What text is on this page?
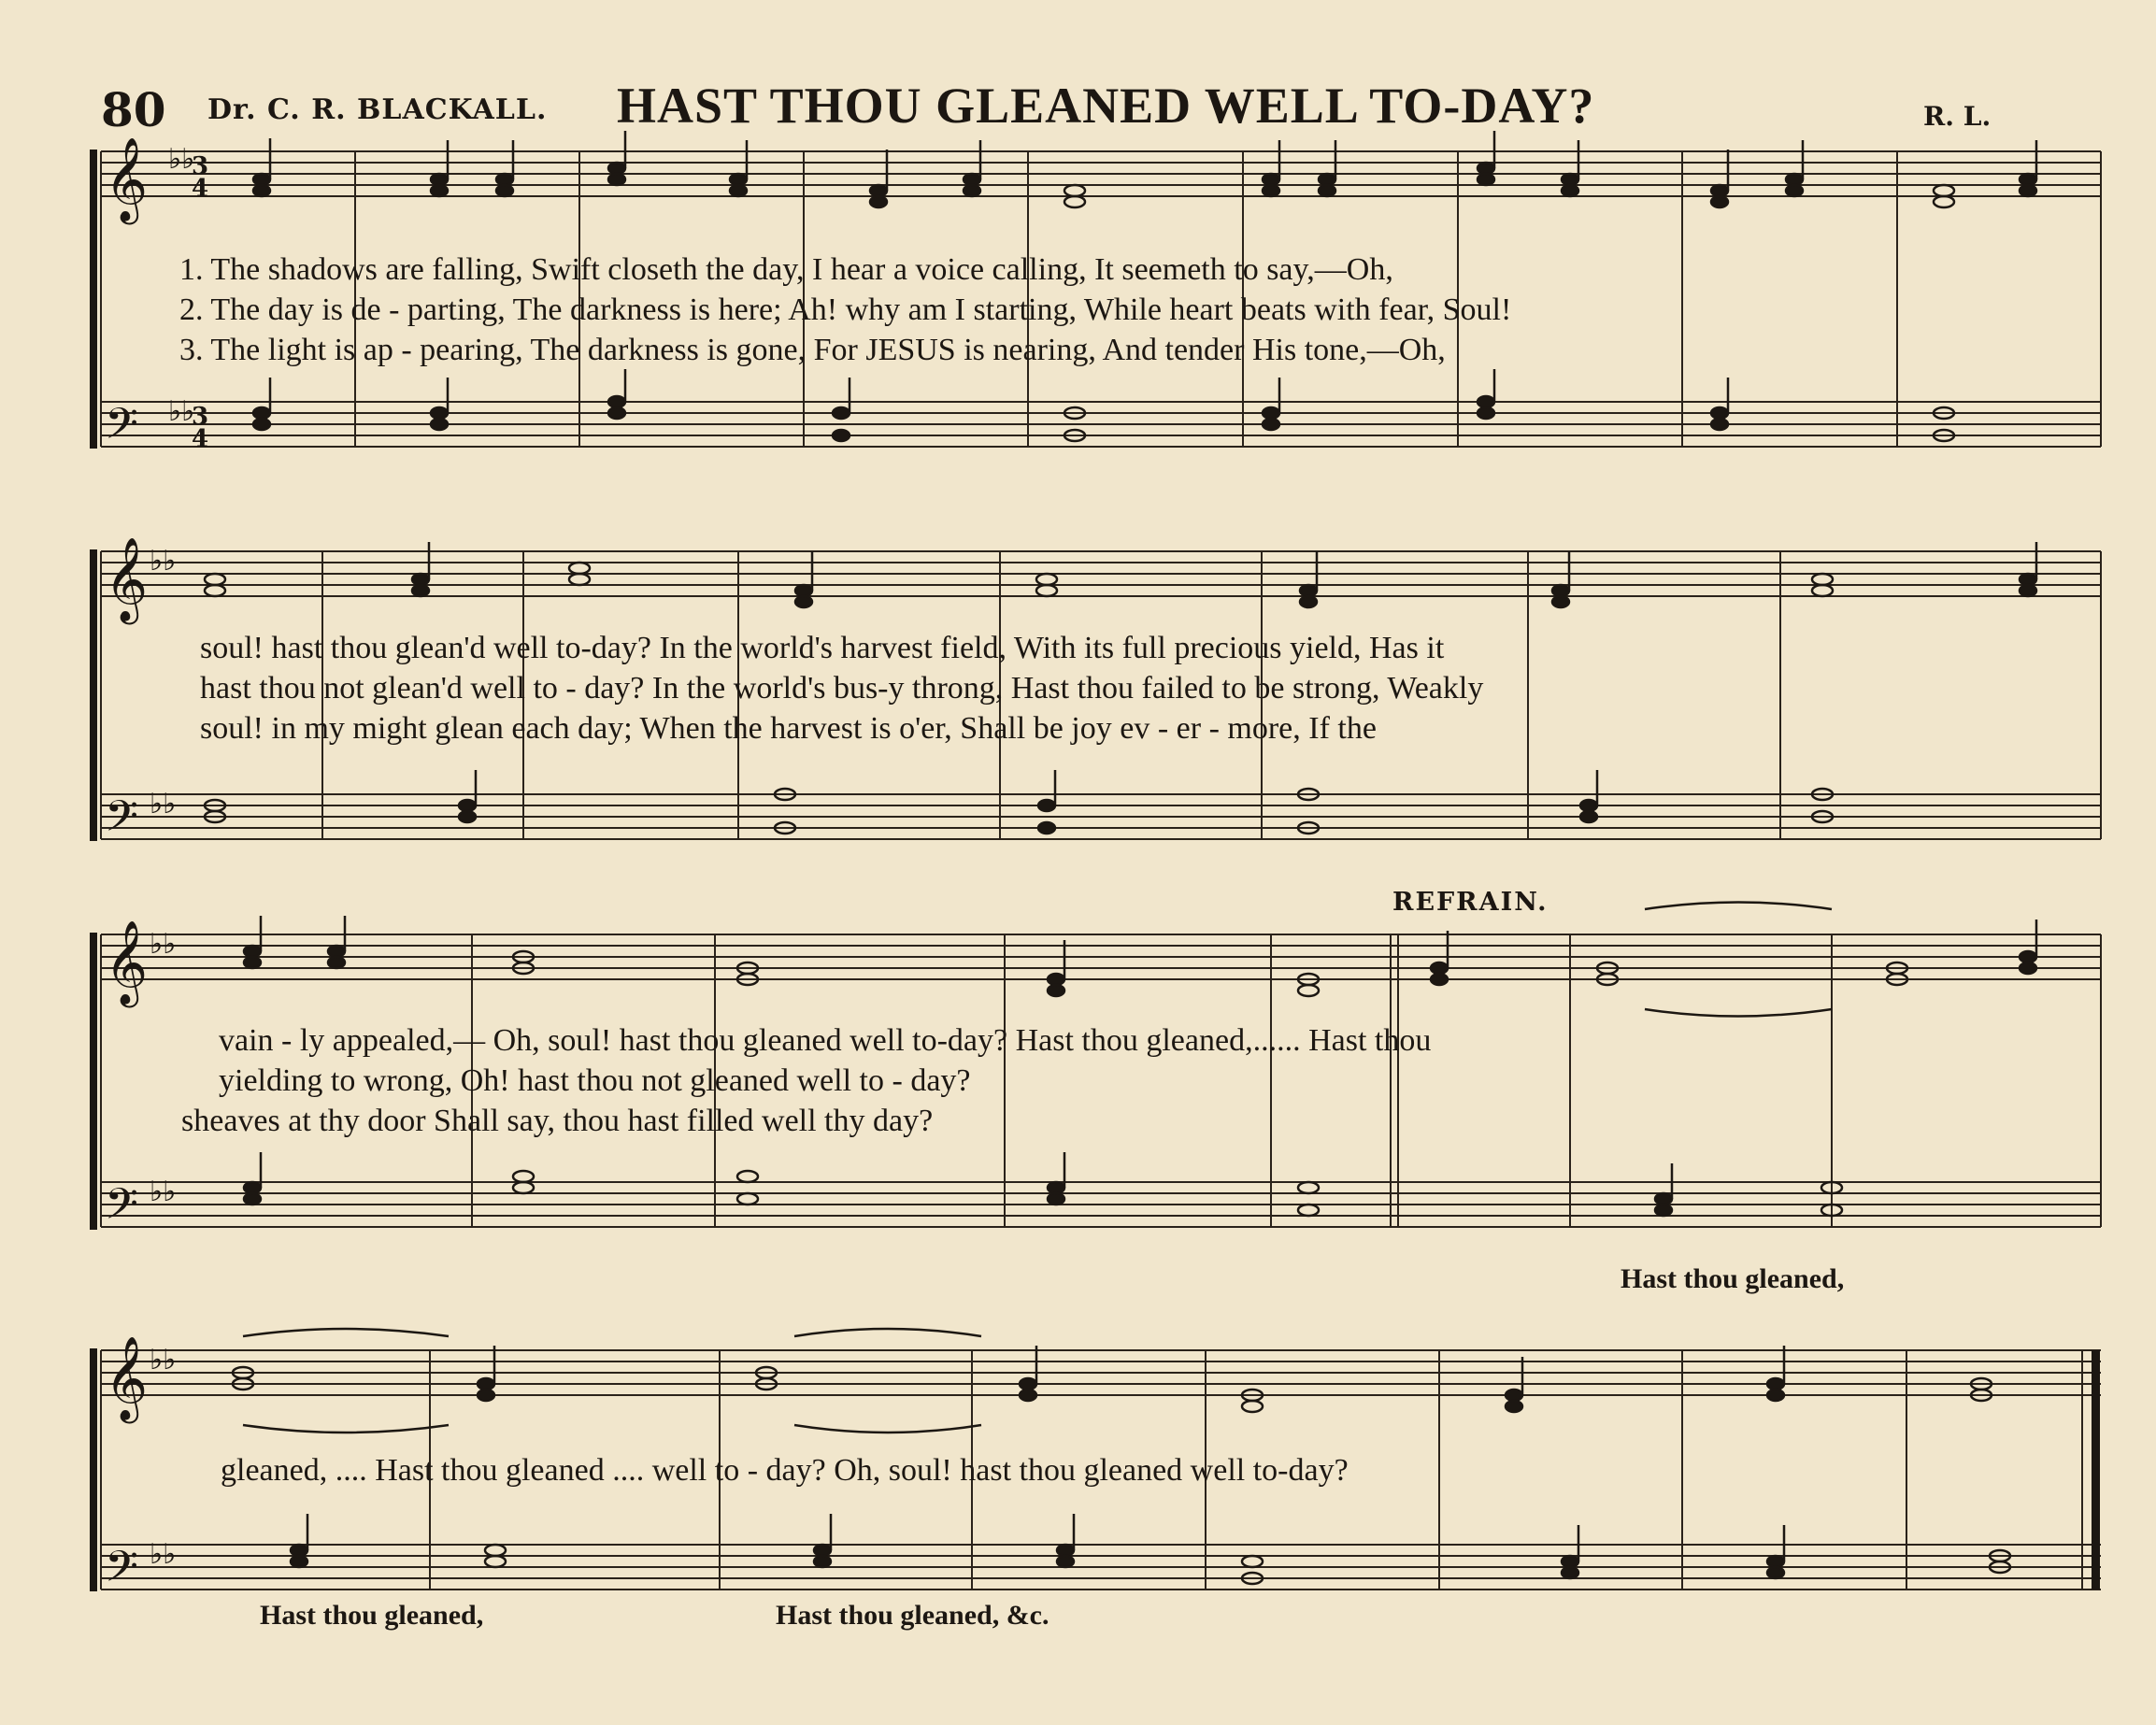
80 Dr. C. R. BLACKALL. HAST THOU GLEANED WELL TO-DAY?	R. L.
𝄞
𝄢
𝄞
𝄢
𝄞
𝄢
𝄞
𝄢
♭♭
♭♭
3
4
3
4
♭♭
♭♭
♭♭
♭♭
♭♭
♭♭
REFRAIN.
1. The shadows are falling, Swift closeth the day, I hear a voice calling, It seemeth to say,—Oh,
2. The day is de - parting, The darkness is here; Ah! why am I starting, While heart beats with fear, Soul!
3. The light is ap - pearing, The darkness is gone, For JESUS is nearing, And tender His tone,—Oh,
soul! hast thou glean'd well to-day? In the world's harvest field, With its full precious yield, Has it
hast thou not glean'd well to - day? In the world's bus-y throng, Hast thou failed to be strong, Weakly
soul! in my might glean each day; When the harvest is o'er, Shall be joy ev - er - more, If the
vain - ly appealed,— Oh, soul! hast thou gleaned well to-day? Hast thou gleaned,...... Hast thou
yielding to wrong, Oh! hast thou not gleaned well to - day?
sheaves at thy door Shall say, thou hast filled well thy day?
Hast thou gleaned,
gleaned, .... Hast thou gleaned .... well to - day? Oh, soul! hast thou gleaned well to-day?
Hast thou gleaned,	Hast thou gleaned, &c.
